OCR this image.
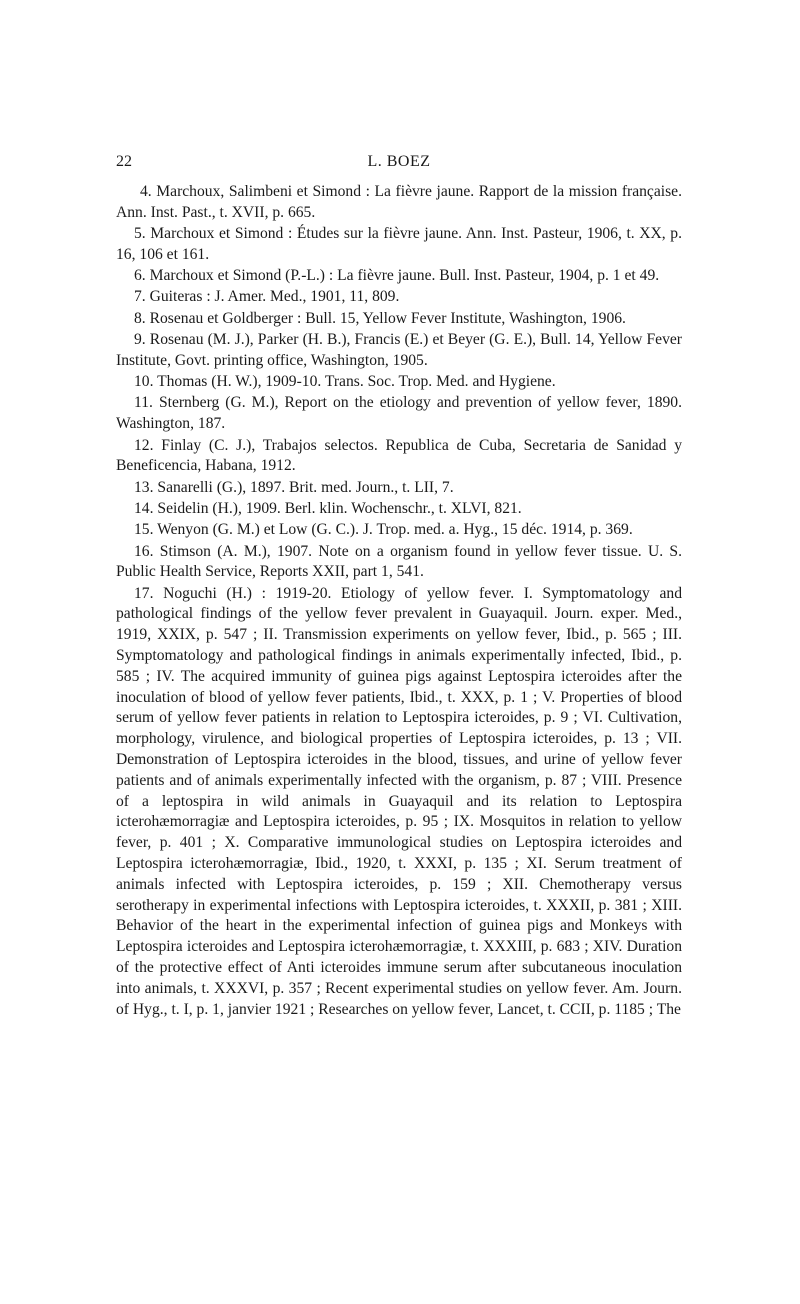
22	L. BOEZ

4. Marchoux, Salimbeni et Simond : La fièvre jaune. Rapport de la mission française. Ann. Inst. Past., t. XVII, p. 665.

5. Marchoux et Simond : Études sur la fièvre jaune. Ann. Inst. Pasteur, 1906, t. XX, p. 16, 106 et 161.

6. Marchoux et Simond (P.-L.) : La fièvre jaune. Bull. Inst. Pasteur, 1904, p. 1 et 49.

7. Guiteras : J. Amer. Med., 1901, 11, 809.

8. Rosenau et Goldberger : Bull. 15, Yellow Fever Institute, Washington, 1906.

9. Rosenau (M. J.), Parker (H. B.), Francis (E.) et Beyer (G. E.), Bull. 14, Yellow Fever Institute, Govt. printing office, Washington, 1905.

10. Thomas (H. W.), 1909-10. Trans. Soc. Trop. Med. and Hygiene.

11. Sternberg (G. M.), Report on the etiology and prevention of yellow fever, 1890. Washington, 187.

12. Finlay (C. J.), Trabajos selectos. Republica de Cuba, Secretaria de Sanidad y Beneficencia, Habana, 1912.

13. Sanarelli (G.), 1897. Brit. med. Journ., t. LII, 7.

14. Seidelin (H.), 1909. Berl. klin. Wochenschr., t. XLVI, 821.

15. Wenyon (G. M.) et Low (G. C.). J. Trop. med. a. Hyg., 15 déc. 1914, p. 369.

16. Stimson (A. M.), 1907. Note on a organism found in yellow fever tissue. U. S. Public Health Service, Reports XXII, part 1, 541.

17. Noguchi (H.) : 1919-20. Etiology of yellow fever. I. Symptomatology and pathological findings of the yellow fever prevalent in Guayaquil. Journ. exper. Med., 1919, XXIX, p. 547 ; II. Transmission experiments on yellow fever, Ibid., p. 565 ; III. Symptomatology and pathological findings in animals experimentally infected, Ibid., p. 585 ; IV. The acquired immunity of guinea pigs against Leptospira icteroides after the inoculation of blood of yellow fever patients, Ibid., t. XXX, p. 1 ; V. Properties of blood serum of yellow fever patients in relation to Leptospira icteroides, p. 9 ; VI. Cultivation, morphology, virulence, and biological properties of Leptospira icteroides, p. 13 ; VII. Demonstration of Leptospira icteroides in the blood, tissues, and urine of yellow fever patients and of animals experimentally infected with the organism, p. 87 ; VIII. Presence of a leptospira in wild animals in Guayaquil and its relation to Leptospira icterohæmorragiæ and Leptospira icteroides, p. 95 ; IX. Mosquitos in relation to yellow fever, p. 401 ; X. Comparative immunological studies on Leptospira icteroides and Leptospira icterohæmorragiæ, Ibid., 1920, t. XXXI, p. 135 ; XI. Serum treatment of animals infected with Leptospira icteroides, p. 159 ; XII. Chemotherapy versus serotherapy in experimental infections with Leptospira icteroides, t. XXXII, p. 381 ; XIII. Behavior of the heart in the experimental infection of guinea pigs and Monkeys with Leptospira icteroides and Leptospira icterohæmorragiæ, t. XXXIII, p. 683 ; XIV. Duration of the protective effect of Anti icteroides immune serum after subcutaneous inoculation into animals, t. XXXVI, p. 357 ; Recent experimental studies on yellow fever. Am. Journ. of Hyg., t. I, p. 1, janvier 1921 ; Researches on yellow fever, Lancet, t. CCII, p. 1185 ; The
